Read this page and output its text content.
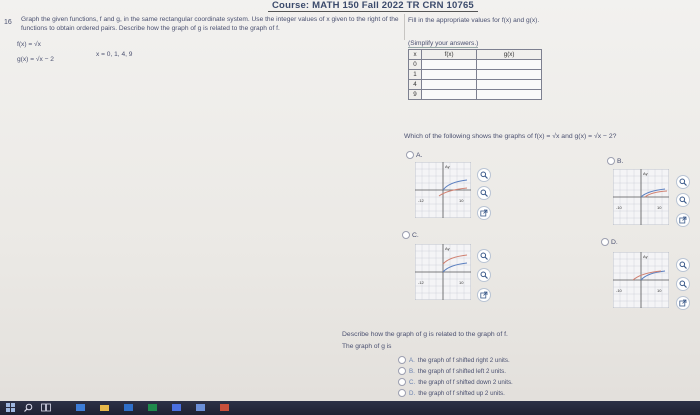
Course: MATH 150 Fall 2022 TR CRN 10765
16 Graph the given functions, f and g, in the same rectangular coordinate system. Use the integer values of x given to the right of the functions to obtain ordered pairs. Describe how the graph of g is related to the graph of f.
Fill in the appropriate values for f(x) and g(x).
f(x) = √x
g(x) = √x − 2
x = 0, 1, 4, 9
(Simplify your answers.)
x	f(x)	g(x)
0		
1		
4		
9		
Which of the following shows the graphs of f(x) = √x and g(x) = √x − 2?
A.
Ay
-12	10
B.
Ay
-10	10
C.
Ay
-12	10
D.
Ay
-10	10
Describe how the graph of g is related to the graph of f.
The graph of g is
A. the graph of f shifted right 2 units.
B. the graph of f shifted left 2 units.
C. the graph of f shifted down 2 units.
D. the graph of f shifted up 2 units.
